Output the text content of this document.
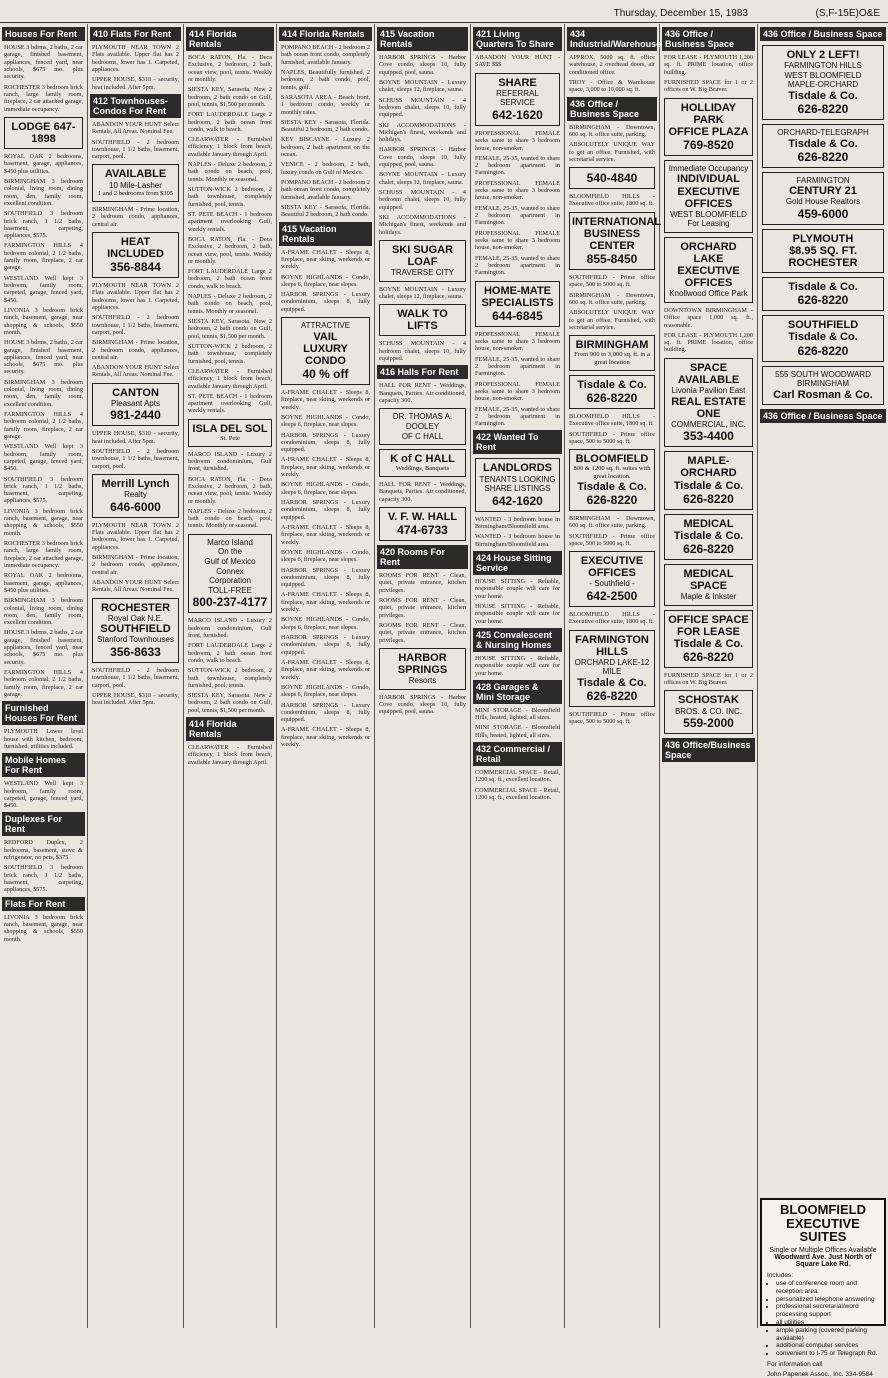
Thursday, December 15, 1983	(S,F-15E)O&E
Houses For Rent

HOUSE 3 bdrms, 2 baths, 2 car garage, finished basement, appliances, fenced yard, near schools, $675 mo. plus security.

ROCHESTER 3 bedroom brick ranch, large family room, fireplace, 2 car attached garage, immediate occupancy.

LODGE 647-1898

ROYAL OAK 2 bedrooms, basement, garage, appliances, $450 plus utilities.

BIRMINGHAM 3 bedroom colonial, living room, dining room, den, family room, excellent condition.

SOUTHFIELD 3 bedroom brick ranch, 1 1/2 baths, basement, carpeting, appliances, $575.

FARMINGTON HILLS 4 bedroom colonial, 2 1/2 baths, family room, fireplace, 2 car garage.

WESTLAND Well kept 3 bedroom, family room, carpeted, garage, fenced yard, $450.

LIVONIA 3 bedroom brick ranch, basement, garage, near shopping & schools, $550 month.

HOUSE 3 bdrms, 2 baths, 2 car garage, finished basement, appliances, fenced yard, near schools, $675 mo. plus security.

BIRMINGHAM 3 bedroom colonial, living room, dining room, den, family room, excellent condition.

FARMINGTON HILLS 4 bedroom colonial, 2 1/2 baths, family room, fireplace, 2 car garage.

WESTLAND Well kept 3 bedroom, family room, carpeted, garage, fenced yard, $450.

SOUTHFIELD 3 bedroom brick ranch, 1 1/2 baths, basement, carpeting, appliances, $575.

LIVONIA 3 bedroom brick ranch, basement, garage, near shopping & schools, $550 month.

ROCHESTER 3 bedroom brick ranch, large family room, fireplace, 2 car attached garage, immediate occupancy.

ROYAL OAK 2 bedrooms, basement, garage, appliances, $450 plus utilities.

BIRMINGHAM 3 bedroom colonial, living room, dining room, den, family room, excellent condition.

HOUSE 3 bdrms, 2 baths, 2 car garage, finished basement, appliances, fenced yard, near schools, $675 mo. plus security.

FARMINGTON HILLS 4 bedroom colonial, 2 1/2 baths, family room, fireplace, 2 car garage.

Furnished Houses For Rent

PLYMOUTH Lower level house with kitchen, bedroom, furnished, utilities included.

Mobile Homes For Rent

WESTLAND Well kept 3 bedroom, family room, carpeted, garage, fenced yard, $450.

Duplexes For Rent

REDFORD Duplex, 2 bedrooms, basement, stove & refrigerator, no pets, $375.

SOUTHFIELD 3 bedroom brick ranch, 1 1/2 baths, basement, carpeting, appliances, $575.

Flats For Rent

LIVONIA 3 bedroom brick ranch, basement, garage, near shopping & schools, $550 month.

410 Flats For Rent

PLYMOUTH NEAR TOWN 2 Flats available. Upper flat has 2 bedrooms, lower has 1. Carpeted, appliances.

UPPER HOUSE, $310 - security, heat included. After 5pm.

412 Townhouses-Condos For Rent

ABANDON YOUR HUNT Select Rentals, All Areas. Nominal Fee.

SOUTHFIELD - 2 bedroom townhouse, 1 1/2 baths, basement, carport, pool.

AVAILABLE
10 Mile-Lasher
1 and 2 bedrooms from $395

BIRMINGHAM - Prime location, 2 bedroom condo, appliances, central air.

HEAT INCLUDED
356-8844

PLYMOUTH NEAR TOWN 2 Flats available. Upper flat has 2 bedrooms, lower has 1. Carpeted, appliances.

SOUTHFIELD - 2 bedroom townhouse, 1 1/2 baths, basement, carport, pool.

BIRMINGHAM - Prime location, 2 bedroom condo, appliances, central air.

ABANDON YOUR HUNT Select Rentals, All Areas. Nominal Fee.

CANTON
Pleasant Apts
981-2440

UPPER HOUSE, $310 - security, heat included. After 5pm.

SOUTHFIELD - 2 bedroom townhouse, 1 1/2 baths, basement, carport, pool.

Merrill Lynch
Realty
646-6000

PLYMOUTH NEAR TOWN 2 Flats available. Upper flat has 2 bedrooms, lower has 1. Carpeted, appliances.

BIRMINGHAM - Prime location, 2 bedroom condo, appliances, central air.

ABANDON YOUR HUNT Select Rentals, All Areas. Nominal Fee.

ROCHESTER
Royal Oak N.E.
SOUTHFIELD
Stanford Townhouses
356-8633

SOUTHFIELD - 2 bedroom townhouse, 1 1/2 baths, basement, carport, pool.

UPPER HOUSE, $310 - security, heat included. After 5pm.

414 Florida Rentals

BOCA RATON, Fla. - Deca Exclusive, 2 bedroom, 2 bath, ocean view, pool, tennis. Weekly or monthly.

SIESTA KEY, Sarasota. New 2 bedroom, 2 bath condo on Gulf, pool, tennis, $1,500 per month.

FORT LAUDERDALE Large 2 bedroom, 2 bath ocean front condo, walk to beach.

CLEARWATER - Furnished efficiency, 1 block from beach, available January through April.

NAPLES - Deluxe 2 bedroom, 2 bath condo on beach, pool, tennis. Monthly or seasonal.

SUTTON-WICK 2 bedroom, 2 bath townhouse, completely furnished, pool, tennis.

ST. PETE BEACH - 1 bedroom apartment overlooking Gulf, weekly rentals.

BOCA RATON, Fla. - Deca Exclusive, 2 bedroom, 2 bath, ocean view, pool, tennis. Weekly or monthly.

FORT LAUDERDALE Large 2 bedroom, 2 bath ocean front condo, walk to beach.

NAPLES - Deluxe 2 bedroom, 2 bath condo on beach, pool, tennis. Monthly or seasonal.

SIESTA KEY, Sarasota. New 2 bedroom, 2 bath condo on Gulf, pool, tennis, $1,500 per month.

SUTTON-WICK 2 bedroom, 2 bath townhouse, completely furnished, pool, tennis.

CLEARWATER - Furnished efficiency, 1 block from beach, available January through April.

ST. PETE BEACH - 1 bedroom apartment overlooking Gulf, weekly rentals.

ISLA DEL SOL
St. Pete

MARCO ISLAND - Luxury 2 bedroom condominium, Gulf front, furnished.

BOCA RATON, Fla. - Deca Exclusive, 2 bedroom, 2 bath, ocean view, pool, tennis. Weekly or monthly.

NAPLES - Deluxe 2 bedroom, 2 bath condo on beach, pool, tennis. Monthly or seasonal.

Marco Island
On the
Gulf of Mexico
Connex
Corporation
TOLL-FREE
800-237-4177

MARCO ISLAND - Luxury 2 bedroom condominium, Gulf front, furnished.

FORT LAUDERDALE Large 2 bedroom, 2 bath ocean front condo, walk to beach.

SUTTON-WICK 2 bedroom, 2 bath townhouse, completely furnished, pool, tennis.

SIESTA KEY, Sarasota. New 2 bedroom, 2 bath condo on Gulf, pool, tennis, $1,500 per month.

414 Florida Rentals

CLEARWATER - Furnished efficiency, 1 block from beach, available January through April.

414 Florida Rentals

POMPANO BEACH - 2 bedroom 2 bath ocean front condo, completely furnished, available January.

NAPLES, Beautifully furnished, 2 bedroom, 2 bath condo, pool, tennis, golf.

SARASOTA AREA - Beach front, 1 bedroom condo, weekly or monthly rates.

SIESTA KEY - Sarasota, Florida. Beautiful 2 bedroom, 2 bath condo.

KEY BISCAYNE - Luxury 2 bedroom, 2 bath apartment on the ocean.

VENICE - 2 bedroom, 2 bath, luxury condo on Gulf of Mexico.

POMPANO BEACH - 2 bedroom 2 bath ocean front condo, completely furnished, available January.

SIESTA KEY - Sarasota, Florida. Beautiful 2 bedroom, 2 bath condo.

415 Vacation Rentals

A-FRAME CHALET - Sleeps 8, fireplace, near skiing, weekends or weekly.

BOYNE HIGHLANDS - Condo, sleeps 6, fireplace, near slopes.

HARBOR SPRINGS - Luxury condominium, sleeps 8, fully equipped.

ATTRACTIVE
VAIL
LUXURY CONDO
40 % off

A-FRAME CHALET - Sleeps 8, fireplace, near skiing, weekends or weekly.

BOYNE HIGHLANDS - Condo, sleeps 6, fireplace, near slopes.

HARBOR SPRINGS - Luxury condominium, sleeps 8, fully equipped.

A-FRAME CHALET - Sleeps 8, fireplace, near skiing, weekends or weekly.

BOYNE HIGHLANDS - Condo, sleeps 6, fireplace, near slopes.

HARBOR SPRINGS - Luxury condominium, sleeps 8, fully equipped.

A-FRAME CHALET - Sleeps 8, fireplace, near skiing, weekends or weekly.

BOYNE HIGHLANDS - Condo, sleeps 6, fireplace, near slopes.

HARBOR SPRINGS - Luxury condominium, sleeps 8, fully equipped.

A-FRAME CHALET - Sleeps 8, fireplace, near skiing, weekends or weekly.

BOYNE HIGHLANDS - Condo, sleeps 6, fireplace, near slopes.

HARBOR SPRINGS - Luxury condominium, sleeps 8, fully equipped.

A-FRAME CHALET - Sleeps 8, fireplace, near skiing, weekends or weekly.

BOYNE HIGHLANDS - Condo, sleeps 6, fireplace, near slopes.

HARBOR SPRINGS - Luxury condominium, sleeps 8, fully equipped.

A-FRAME CHALET - Sleeps 8, fireplace, near skiing, weekends or weekly.

415 Vacation Rentals

HARBOR SPRINGS - Harbor Cove condo, sleeps 10, fully equipped, pool, sauna.

BOYNE MOUNTAIN - Luxury chalet, sleeps 12, fireplace, sauna.

SCHUSS MOUNTAIN - 4 bedroom chalet, sleeps 10, fully equipped.

SKI ACCOMMODATIONS - Michigan's finest, weekends and holidays.

HARBOR SPRINGS - Harbor Cove condo, sleeps 10, fully equipped, pool, sauna.

BOYNE MOUNTAIN - Luxury chalet, sleeps 12, fireplace, sauna.

SCHUSS MOUNTAIN - 4 bedroom chalet, sleeps 10, fully equipped.

SKI ACCOMMODATIONS - Michigan's finest, weekends and holidays.

SKI SUGAR LOAF
TRAVERSE CITY

BOYNE MOUNTAIN - Luxury chalet, sleeps 12, fireplace, sauna.

WALK TO LIFTS

SCHUSS MOUNTAIN - 4 bedroom chalet, sleeps 10, fully equipped.

416 Halls For Rent

HALL FOR RENT - Weddings, Banquets, Parties. Air conditioned, capacity 300.

DR. THOMAS A.
DOOLEY
OF C HALL
K of C HALL
Weddings, Banquets

HALL FOR RENT - Weddings, Banquets, Parties. Air conditioned, capacity 300.

V. F. W. HALL
474-6733
420 Rooms For Rent

ROOMS FOR RENT - Clean, quiet, private entrance, kitchen privileges.

ROOMS FOR RENT - Clean, quiet, private entrance, kitchen privileges.

ROOMS FOR RENT - Clean, quiet, private entrance, kitchen privileges.

HARBOR SPRINGS
Resorts

HARBOR SPRINGS - Harbor Cove condo, sleeps 10, fully equipped, pool, sauna.

421 Living Quarters To Share

ABANDON YOUR HUNT - SAVE $$$

SHARE
REFERRAL SERVICE
642-1620

PROFESSIONAL FEMALE seeks same to share 3 bedroom house, non-smoker.

FEMALE, 25-35, wanted to share 2 bedroom apartment in Farmington.

PROFESSIONAL FEMALE seeks same to share 3 bedroom house, non-smoker.

FEMALE, 25-35, wanted to share 2 bedroom apartment in Farmington.

PROFESSIONAL FEMALE seeks same to share 3 bedroom house, non-smoker.

FEMALE, 25-35, wanted to share 2 bedroom apartment in Farmington.

HOME-MATE
SPECIALISTS
644-6845

PROFESSIONAL FEMALE seeks same to share 3 bedroom house, non-smoker.

FEMALE, 25-35, wanted to share 2 bedroom apartment in Farmington.

PROFESSIONAL FEMALE seeks same to share 3 bedroom house, non-smoker.

FEMALE, 25-35, wanted to share 2 bedroom apartment in Farmington.

422 Wanted To Rent
LANDLORDS
TENANTS LOOKING
SHARE LISTINGS
642-1620

WANTED - 3 bedroom house in Birmingham/Bloomfield area.

WANTED - 3 bedroom house in Birmingham/Bloomfield area.

424 House Sitting Service

HOUSE SITTING - Reliable, responsible couple will care for your home.

HOUSE SITTING - Reliable, responsible couple will care for your home.

425 Convalescent & Nursing Homes

HOUSE SITTING - Reliable, responsible couple will care for your home.

428 Garages & Mini Storage

MINI STORAGE - Bloomfield Hills, heated, lighted, all sizes.

MINI STORAGE - Bloomfield Hills, heated, lighted, all sizes.

432 Commercial / Retail

COMMERCIAL SPACE - Retail, 1200 sq. ft., excellent location.

COMMERCIAL SPACE - Retail, 1200 sq. ft., excellent location.

434 Industrial/Warehouse

APPROX. 5000 sq. ft. office warehouse, 2 overhead doors, air conditioned office.

TROY - Office & Warehouse space, 3,000 to 10,000 sq. ft.

436 Office / Business Space

BIRMINGHAM - Downtown, 600 sq. ft. office suite, parking.

ABSOLUTELY UNIQUE WAY to get an office. Furnished, with secretarial service.

540-4840

BLOOMFIELD HILLS - Executive office suite, 1800 sq. ft.

INTERNATIONAL
BUSINESS
CENTER
855-8450

SOUTHFIELD - Prime office space, 500 to 5000 sq. ft.

BIRMINGHAM - Downtown, 600 sq. ft. office suite, parking.

ABSOLUTELY UNIQUE WAY to get an office. Furnished, with secretarial service.

BIRMINGHAM
From 900 to 3,000 sq. ft. in a
great location
Tisdale & Co.
626-8220

BLOOMFIELD HILLS - Executive office suite, 1800 sq. ft.

SOUTHFIELD - Prime office space, 500 to 5000 sq. ft.

BLOOMFIELD
800 & 1200 sq. ft. suites with
great location.
Tisdale & Co.
626-8220

BIRMINGHAM - Downtown, 600 sq. ft. office suite, parking.

SOUTHFIELD - Prime office space, 500 to 5000 sq. ft.

EXECUTIVE OFFICES
- Southfield -
642-2500

BLOOMFIELD HILLS - Executive office suite, 1800 sq. ft.

FARMINGTON HILLS
ORCHARD LAKE-12 MILE
Tisdale & Co.
626-8220

SOUTHFIELD - Prime office space, 500 to 5000 sq. ft.

436 Office / Business Space

FOR LEASE - PLYMOUTH 1,200 sq. ft. PRIME location, office building.

FURNISHED SPACE for 1 or 2 offices on W. Big Beaver.

HOLLIDAY PARK
OFFICE PLAZA
769-8520
Immediate Occupancy
INDIVIDUAL
EXECUTIVE OFFICES
WEST BLOOMFIELD
For Leasing
ORCHARD LAKE
EXECUTIVE OFFICES
Knollwood Office Park

DOWNTOWN BIRMINGHAM - Office space 1,000 sq. ft., reasonable.

FOR LEASE - PLYMOUTH 1,200 sq. ft. PRIME location, office building.

SPACE AVAILABLE
Livonia Pavilion East
REAL ESTATE ONE
COMMERCIAL, INC.
353-4400
MAPLE-ORCHARD
Tisdale & Co.
626-8220
MEDICAL
Tisdale & Co.
626-8220
MEDICAL SPACE
Maple & Inkster
OFFICE SPACE
FOR LEASE
Tisdale & Co.
626-8220

FURNISHED SPACE for 1 or 2 offices on W. Big Beaver.

SCHOSTAK
BROS. & CO. INC.
559-2000
436 Office/Business Space
436 Office / Business Space
ONLY 2 LEFT!
FARMINGTON HILLS
WEST BLOOMFIELD
MAPLE-ORCHARD
Tisdale & Co.
626-8220
ORCHARD-TELEGRAPH
Tisdale & Co.
626-8220
FARMINGTON
CENTURY 21
Gold House Realtors
459-6000
PLYMOUTH
$8.95 SQ. FT.
ROCHESTER
Tisdale & Co.
626-8220
SOUTHFIELD
Tisdale & Co.
626-8220
555 SOUTH WOODWARD
BIRMINGHAM
Carl Rosman & Co.
436 Office / Business Space
BLOOMFIELD EXECUTIVE SUITES
Single or Multiple Offices Available
Woodward Ave. Just North of Square Lake Rd.
Includes:
• use of conference room and reception area
• personalized telephone answering
• professional secretarial/word processing support
• all utilities
• ample parking (covered parking available)
• additional computer services
• convenient to I-75 or Telegraph Rd.
For information call
John Papenek Assoc., Inc. 334-9584
